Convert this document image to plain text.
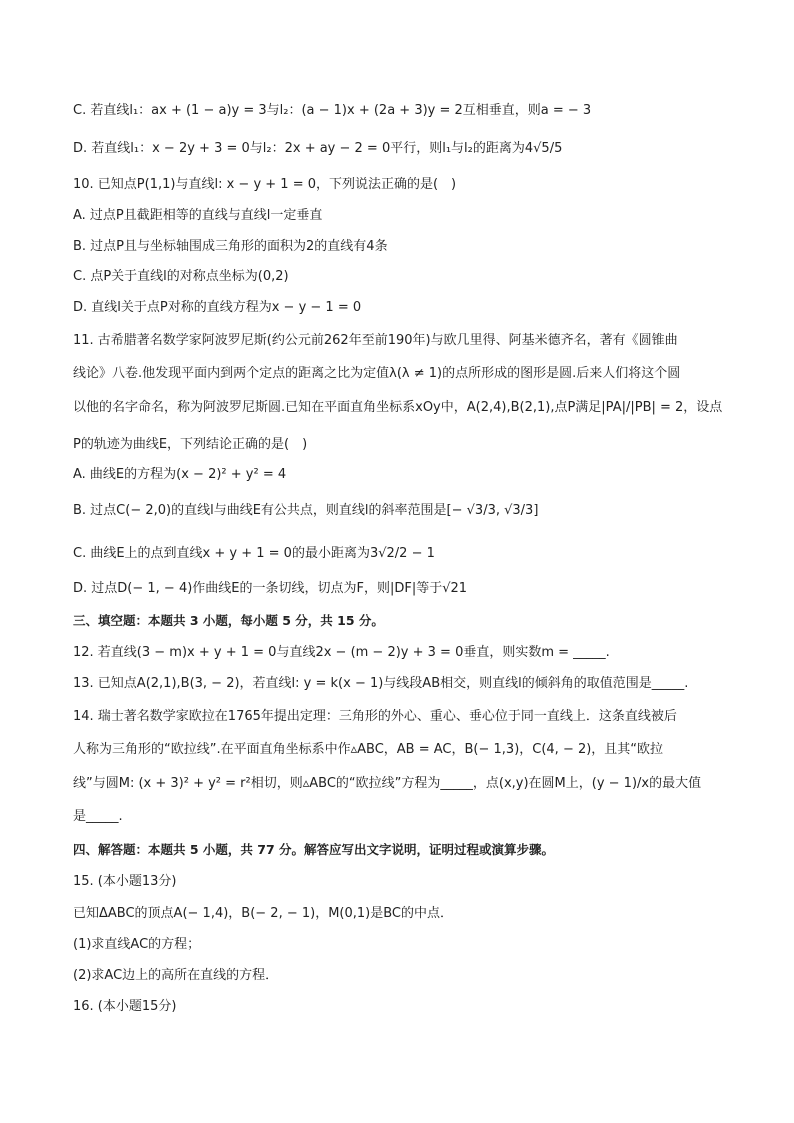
C. 若直线l₁：ax + (1 − a)y = 3与l₂：(a − 1)x + (2a + 3)y = 2互相垂直，则a = − 3
D. 若直线l₁：x − 2y + 3 = 0与l₂：2x + ay − 2 = 0平行，则l₁与l₂的距离为4√5/5
10. 已知点P(1,1)与直线l: x − y + 1 = 0，下列说法正确的是(　)
A. 过点P且截距相等的直线与直线l一定垂直
B. 过点P且与坐标轴围成三角形的面积为2的直线有4条
C. 点P关于直线l的对称点坐标为(0,2)
D. 直线l关于点P对称的直线方程为x − y − 1 = 0
11. 古希腊著名数学家阿波罗尼斯(约公元前262年至前190年)与欧几里得、阿基米德齐名，著有《圆锥曲
线论》八卷.他发现平面内到两个定点的距离之比为定值λ(λ ≠ 1)的点所形成的图形是圆.后来人们将这个圆
以他的名字命名，称为阿波罗尼斯圆.已知在平面直角坐标系xOy中，A(2,4),B(2,1),点P满足|PA|/|PB| = 2，设点
P的轨迹为曲线E，下列结论正确的是(　)
A. 曲线E的方程为(x − 2)² + y² = 4
B. 过点C(− 2,0)的直线l与曲线E有公共点，则直线l的斜率范围是[− √3/3, √3/3]
C. 曲线E上的点到直线x + y + 1 = 0的最小距离为3√2/2 − 1
D. 过点D(− 1, − 4)作曲线E的一条切线，切点为F，则|DF|等于√21
三、填空题：本题共 3 小题，每小题 5 分，共 15 分。
12. 若直线(3 − m)x + y + 1 = 0与直线2x − (m − 2)y + 3 = 0垂直，则实数m = _____.
13. 已知点A(2,1),B(3, − 2)，若直线l: y = k(x − 1)与线段AB相交，则直线l的倾斜角的取值范围是_____.
14. 瑞士著名数学家欧拉在1765年提出定理：三角形的外心、重心、垂心位于同一直线上．这条直线被后
人称为三角形的“欧拉线”.在平面直角坐标系中作▵ABC，AB = AC，B(− 1,3)，C(4, − 2)，且其“欧拉
线”与圆M: (x + 3)² + y² = r²相切，则▵ABC的“欧拉线”方程为_____，点(x,y)在圆M上，(y − 1)/x的最大值
是_____.
四、解答题：本题共 5 小题，共 77 分。解答应写出文字说明，证明过程或演算步骤。
15. (本小题13分)
已知ΔABC的顶点A(− 1,4)，B(− 2, − 1)，M(0,1)是BC的中点．
(1)求直线AC的方程；
(2)求AC边上的高所在直线的方程．
16. (本小题15分)
